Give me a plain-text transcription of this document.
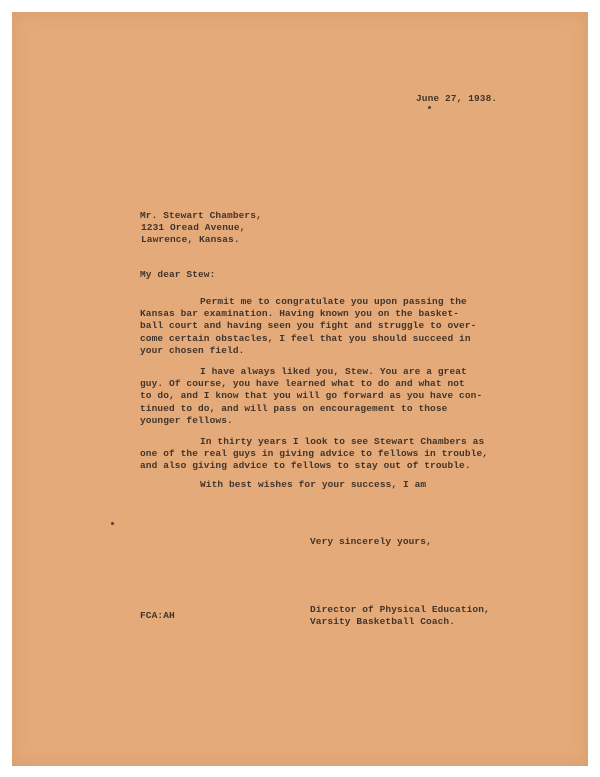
June 27, 1938.
Mr. Stewart Chambers,
1231 Oread Avenue,
Lawrence, Kansas.
My dear Stew:
Permit me to congratulate you upon passing the
Kansas bar examination. Having known you on the basket-
ball court and having seen you fight and struggle to over-
come certain obstacles, I feel that you should succeed in
your chosen field.
I have always liked you, Stew. You are a great
guy. Of course, you have learned what to do and what not
to do, and I know that you will go forward as you have con-
tinued to do, and will pass on encouragement to those
younger fellows.
In thirty years I look to see Stewart Chambers as
one of the real guys in giving advice to fellows in trouble,
and also giving advice to fellows to stay out of trouble.
With best wishes for your success, I am
Very sincerely yours,
FCA:AH
Director of Physical Education,
Varsity Basketball Coach.
